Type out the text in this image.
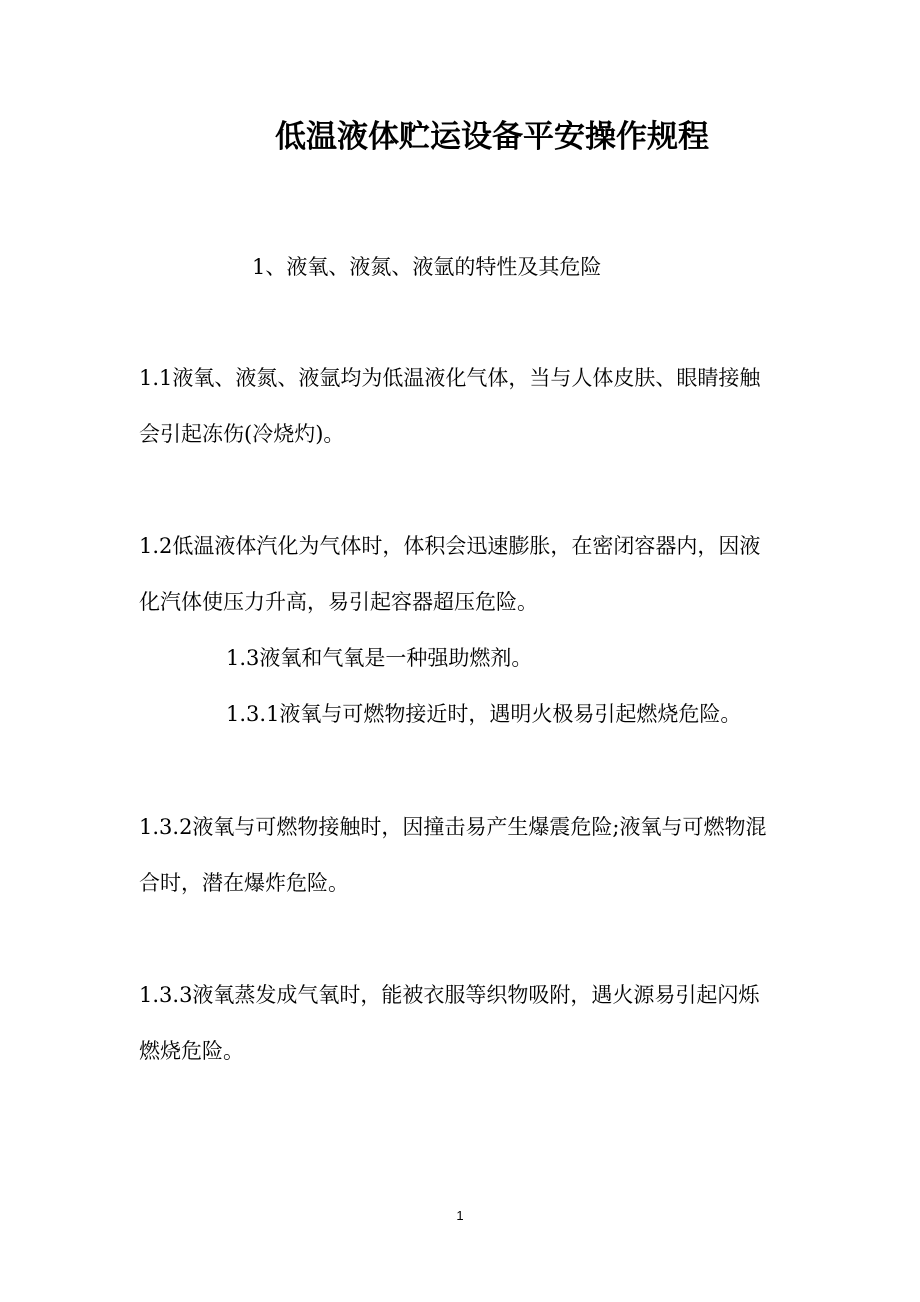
低温液体贮运设备平安操作规程
1、液氧、液氮、液氩的特性及其危险
1.1液氧、液氮、液氩均为低温液化气体，当与人体皮肤、眼睛接触
会引起冻伤(冷烧灼)。
1.2低温液体汽化为气体时，体积会迅速膨胀，在密闭容器内，因液
化汽体使压力升高，易引起容器超压危险。
1.3液氧和气氧是一种强助燃剂。
1.3.1液氧与可燃物接近时，遇明火极易引起燃烧危险。
1.3.2液氧与可燃物接触时，因撞击易产生爆震危险;液氧与可燃物混
合时，潜在爆炸危险。
1.3.3液氧蒸发成气氧时，能被衣服等织物吸附，遇火源易引起闪烁
燃烧危险。
1
